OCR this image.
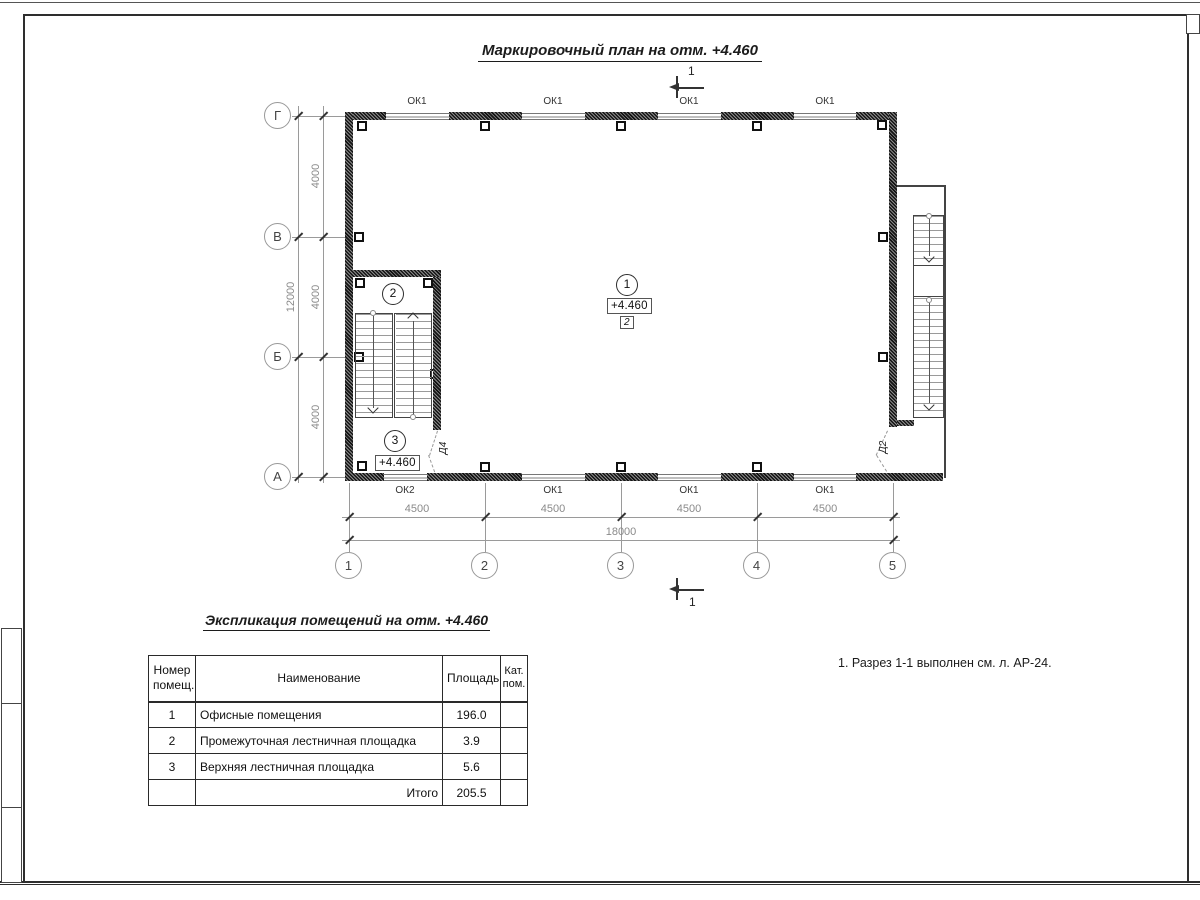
Маркировочный план на отм. +4.460
ОК1	ОК1	ОК1	ОК1
ОК2	ОК1	ОК1	ОК1
Д4	Д2
1
+4.460
2
2
3
+4.460
4000
4000
4000
12000
Г
В
Б
А
4500	4500	4500	4500
18000
1	2	3	4	5
1
1
Экспликация помещений на отм. +4.460
Номер помещ.	Наименование	Площадь	Кат. пом.
1	Офисные помещения	196.0	
2	Промежуточная лестничная площадка	3.9	
3	Верхняя лестничная площадка	5.6	
	Итого	205.5	
1. Разрез 1-1 выполнен см. л. АР-24.
